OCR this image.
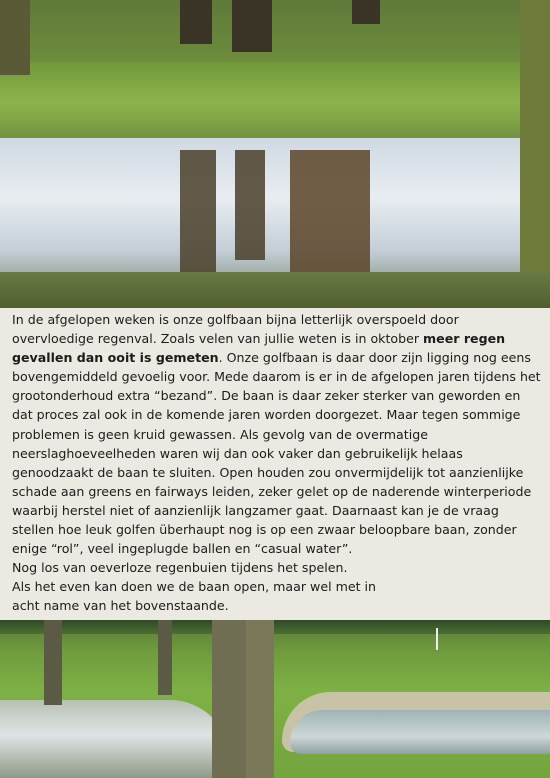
In de afgelopen weken is onze golfbaan bijna letterlijk overspoeld door overvloedige regenval. Zoals velen van jullie weten is in oktober meer regen gevallen dan ooit is gemeten. Onze golfbaan is daar door zijn ligging nog eens bovengemiddeld gevoelig voor. Mede daarom is er in de afgelopen jaren tijdens het grootonderhoud extra “bezand”. De baan is daar zeker sterker van geworden en dat proces zal ook in de komende jaren worden doorgezet. Maar tegen sommige problemen is geen kruid gewassen. Als gevolg van de overmatige neerslaghoeveelheden waren wij dan ook vaker dan gebruikelijk helaas genoodzaakt de baan te sluiten. Open houden zou onvermijdelijk tot aanzienlijke schade aan greens en fairways leiden, zeker gelet op de naderende winterperiode waarbij herstel niet of aanzienlijk langzamer gaat. Daarnaast kan je de vraag stellen hoe leuk golfen überhaupt nog is op een zwaar beloopbare baan, zonder enige “rol”, veel ingeplugde ballen en “casual water”.

Nog los van oeverloze regenbuien tijdens het spelen.

Als het even kan doen we de baan open, maar wel met in

acht name van het bovenstaande.
